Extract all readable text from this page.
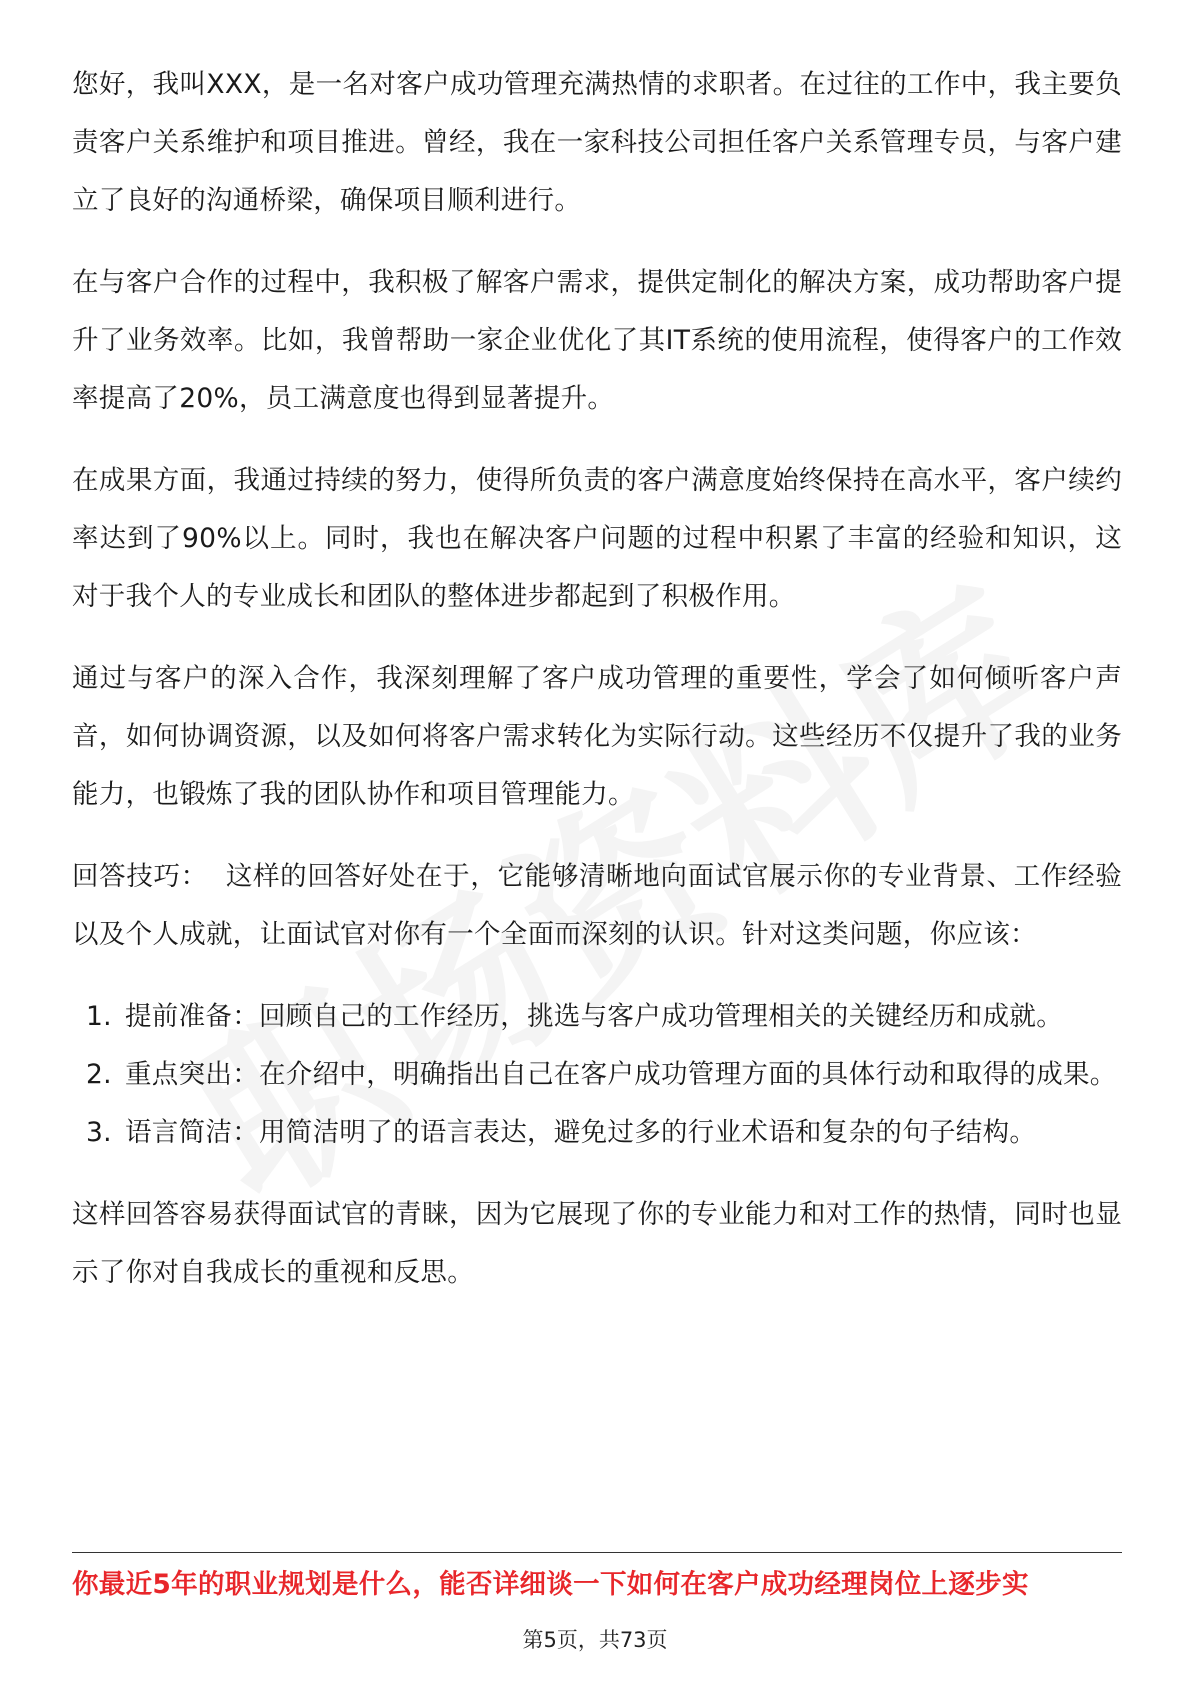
您好，我叫XXX，是一名对客户成功管理充满热情的求职者。在过往的工作中，我主要负责客户关系维护和项目推进。曾经，我在一家科技公司担任客户关系管理专员，与客户建立了良好的沟通桥梁，确保项目顺利进行。

在与客户合作的过程中，我积极了解客户需求，提供定制化的解决方案，成功帮助客户提升了业务效率。比如，我曾帮助一家企业优化了其IT系统的使用流程，使得客户的工作效率提高了20%，员工满意度也得到显著提升。

在成果方面，我通过持续的努力，使得所负责的客户满意度始终保持在高水平，客户续约率达到了90%以上。同时，我也在解决客户问题的过程中积累了丰富的经验和知识，这对于我个人的专业成长和团队的整体进步都起到了积极作用。

通过与客户的深入合作，我深刻理解了客户成功管理的重要性，学会了如何倾听客户声音，如何协调资源，以及如何将客户需求转化为实际行动。这些经历不仅提升了我的业务能力，也锻炼了我的团队协作和项目管理能力。

回答技巧： 这样的回答好处在于，它能够清晰地向面试官展示你的专业背景、工作经验以及个人成就，让面试官对你有一个全面而深刻的认识。针对这类问题，你应该：

1. 提前准备：回顾自己的工作经历，挑选与客户成功管理相关的关键经历和成就。
2. 重点突出：在介绍中，明确指出自己在客户成功管理方面的具体行动和取得的成果。
3. 语言简洁：用简洁明了的语言表达，避免过多的行业术语和复杂的句子结构。

这样回答容易获得面试官的青睐，因为它展现了你的专业能力和对工作的热情，同时也显示了你对自我成长的重视和反思。

你最近5年的职业规划是什么，能否详细谈一下如何在客户成功经理岗位上逐步实
第5页，共73页
